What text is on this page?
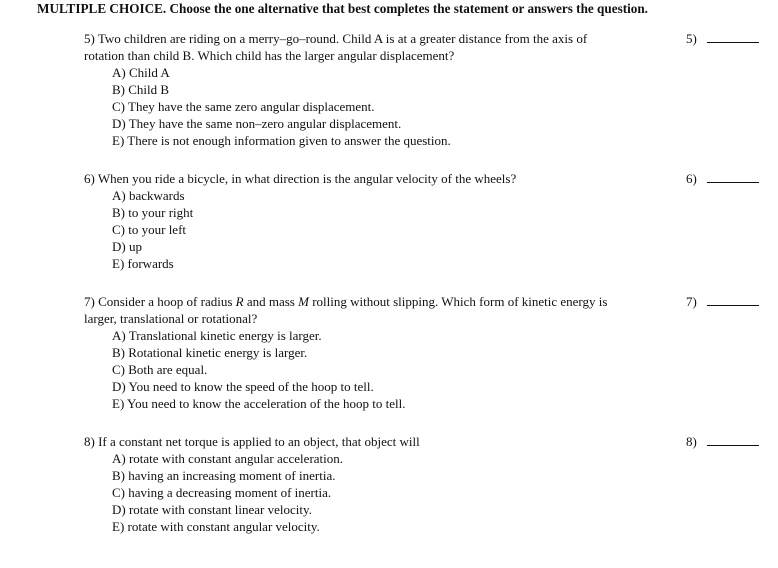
MULTIPLE CHOICE. Choose the one alternative that best completes the statement or answers the question.

5) Two children are riding on a merry–go–round. Child A is at a greater distance from the axis of
rotation than child B. Which child has the larger angular displacement?

A) Child A
B) Child B
C) They have the same zero angular displacement.
D) They have the same non–zero angular displacement.
E) There is not enough information given to answer the question.
5)

6) When you ride a bicycle, in what direction is the angular velocity of the wheels?

A) backwards
B) to your right
C) to your left
D) up
E) forwards
6)

7) Consider a hoop of radius R and mass M rolling without slipping. Which form of kinetic energy is
larger, translational or rotational?

A) Translational kinetic energy is larger.
B) Rotational kinetic energy is larger.
C) Both are equal.
D) You need to know the speed of the hoop to tell.
E) You need to know the acceleration of the hoop to tell.
7)

8) If a constant net torque is applied to an object, that object will

A) rotate with constant angular acceleration.
B) having an increasing moment of inertia.
C) having a decreasing moment of inertia.
D) rotate with constant linear velocity.
E) rotate with constant angular velocity.
8)
